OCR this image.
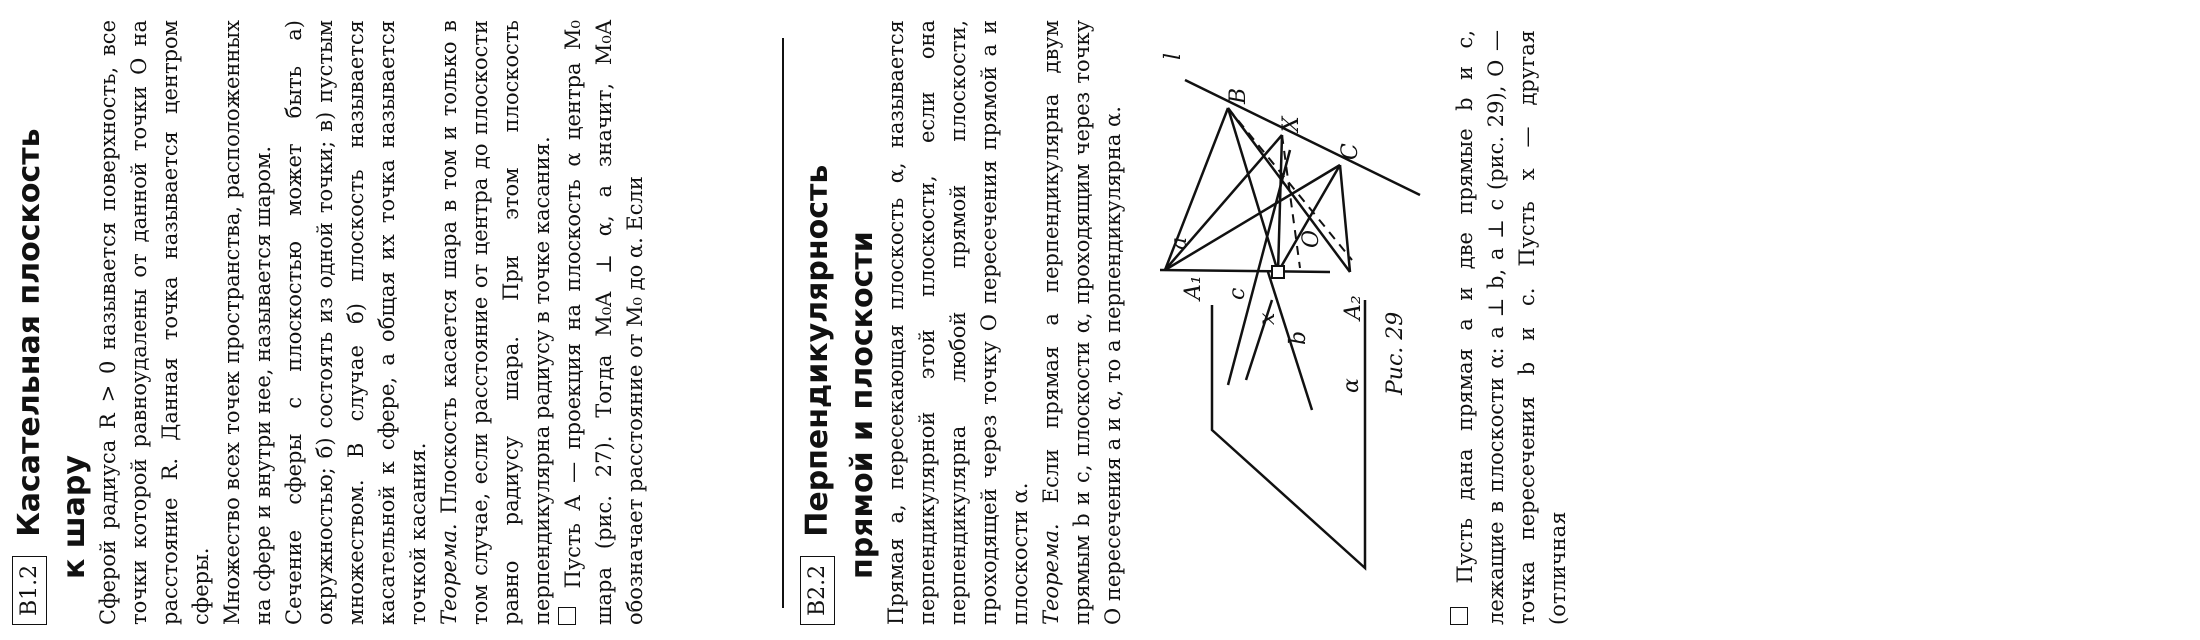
B1.2 Касательная плоскость к шару Сферой радиуса R > 0 называется поверхность, все точки которой равноудалены от данной точки O на расстояние R. Данная точка называется центром сферы. Множество всех точек пространства, расположенных на сфере и внутри нее, называется шаром. Сечение сферы с плоскостью может быть а) окружностью; б) состоять из одной точки; в) пустым множеством. В случае б) плоскость называется касательной к сфере, а общая их точка называется точкой касания. Теорема. Плоскость касается шара в том и только в том случае, если расстояние от центра до плоскости равно радиусу шара. При этом плоскость перпендикулярна радиусу в точке касания. Пусть A — проекция на плоскость α центра M₀ шара (рис. 27). Тогда M₀A ⊥ α, а значит, M₀A обозначает расстояние от M₀ до α. Если	B2.2 Перпендикулярность прямой и плоскости Прямая a, пересекающая плоскость α, называется перпендикулярной этой плоскости, если она перпендикулярна любой прямой плоскости, проходящей через точку O пересечения прямой a и плоскости α. Теорема. Если прямая a перпендикулярна двум прямым b и c, плоскости α, проходящим через точку O пересечения a и α, то a перпендикулярна α.
l
B
X
C
a
A₁
O
A₂
c
x
b
α Рис. 29 Пусть дана прямая a и две прямые b и c, лежащие в плоскости α: a ⊥ b, a ⊥ c (рис. 29), O — точка пересечения b и c. Пусть x — другая (отличная
